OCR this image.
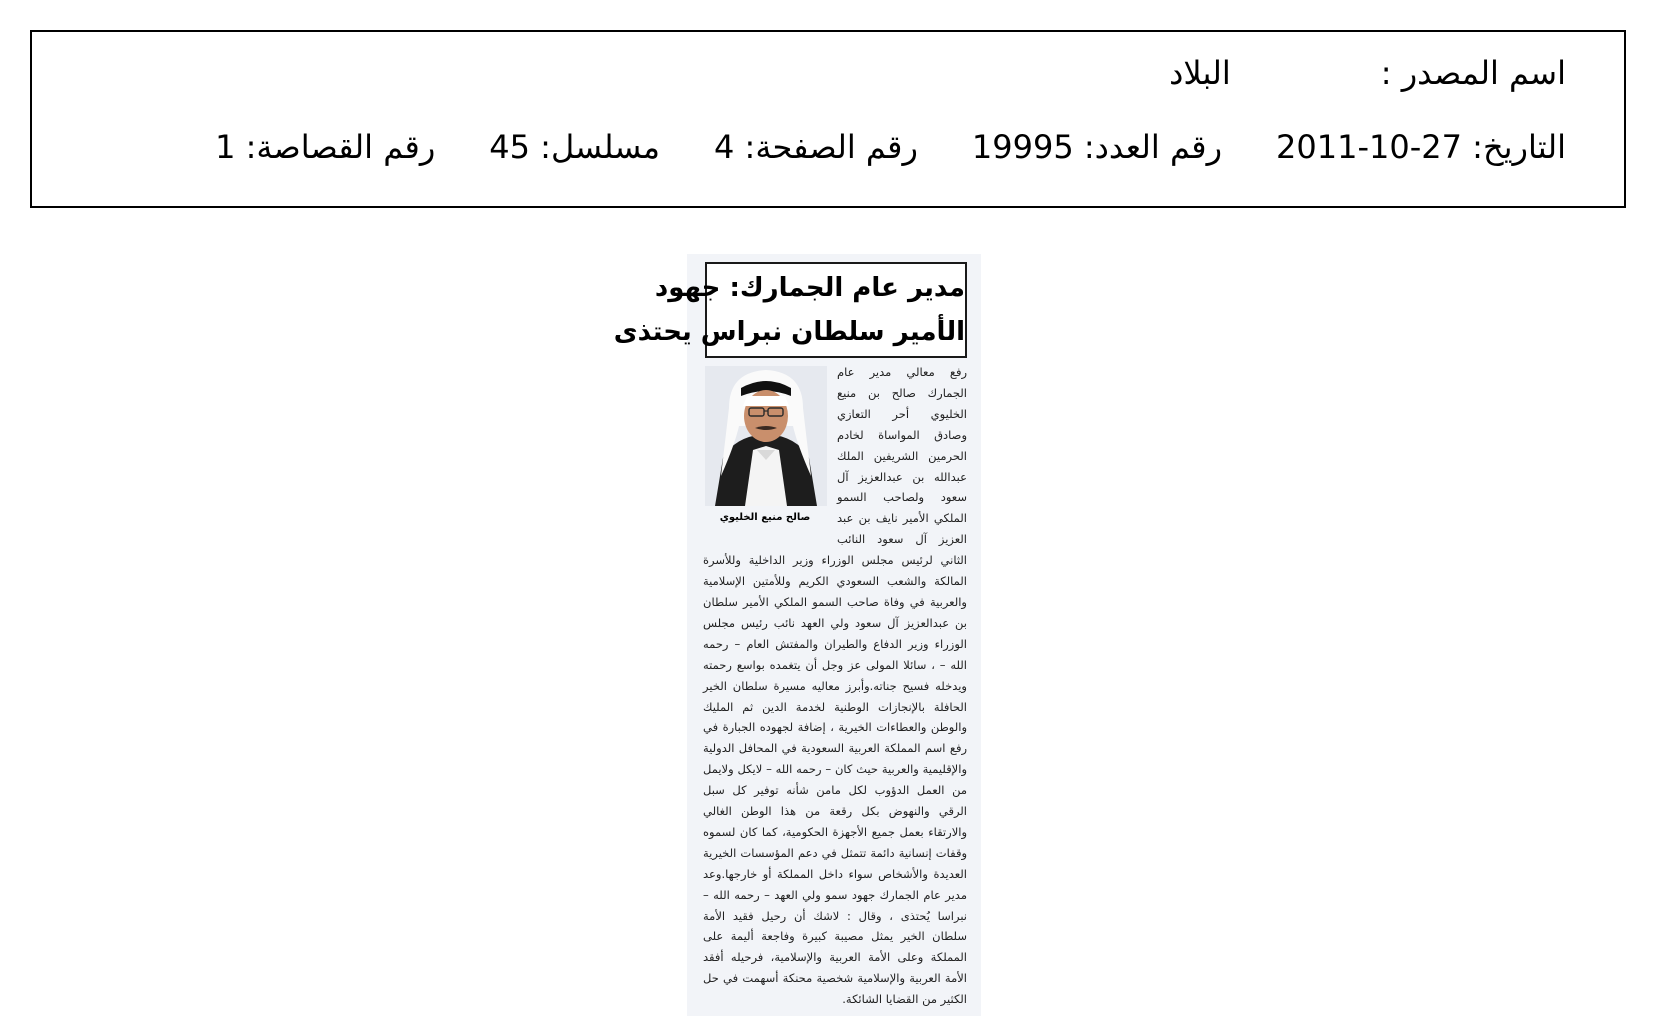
اسم المصدر :البلاد
التاريخ: 27-10-2011رقم العدد: 19995رقم الصفحة: 4مسلسل: 45رقم القصاصة: 1
مدير عام الجمارك: جهود
الأمير سلطان نبراس يحتذى
صالح منيع الخليوي
رفع معالي مدير عام الجمارك صالح بن منيع الخليوي أحر التعازي وصادق المواساة لخادم الحرمين الشريفين الملك عبدالله بن عبدالعزيز آل سعود ولصاحب السمو الملكي الأمير نايف بن عبد العزيز آل سعود النائب الثاني لرئيس مجلس الوزراء وزير الداخلية وللأسرة المالكة والشعب السعودي الكريم وللأمتين الإسلامية والعربية في وفاة صاحب السمو الملكي الأمير سلطان بن عبدالعزيز آل سعود ولي العهد نائب رئيس مجلس الوزراء وزير الدفاع والطيران والمفتش العام – رحمه الله – ، سائلا المولى عز وجل أن يتغمده بواسع رحمته ويدخله فسيح جناته.وأبرز معاليه مسيرة سلطان الخير الحافلة بالإنجازات الوطنية لخدمة الدين ثم المليك والوطن والعطاءات الخيرية ، إضافة لجهوده الجبارة في رفع اسم المملكة العربية السعودية في المحافل الدولية والإقليمية والعربية حيث كان – رحمه الله – لايكل ولايمل من العمل الدؤوب لكل مامن شأنه توفير كل سبل الرقي والنهوض بكل رقعة من هذا الوطن الغالي والارتقاء بعمل جميع الأجهزة الحكومية، كما كان لسموه وقفات إنسانية دائمة تتمثل في دعم المؤسسات الخيرية العديدة والأشخاص سواء داخل المملكة أو خارجها.وعد مدير عام الجمارك جهود سمو ولي العهد – رحمه الله – نبراسا يُحتذى ، وقال : لاشك أن رحيل فقيد الأمة سلطان الخير يمثل مصيبة كبيرة وفاجعة أليمة على المملكة وعلى الأمة العربية والإسلامية، فرحيله أفقد الأمة العربية والإسلامية شخصية محنكة أسهمت في حل الكثير من القضايا الشائكة.
